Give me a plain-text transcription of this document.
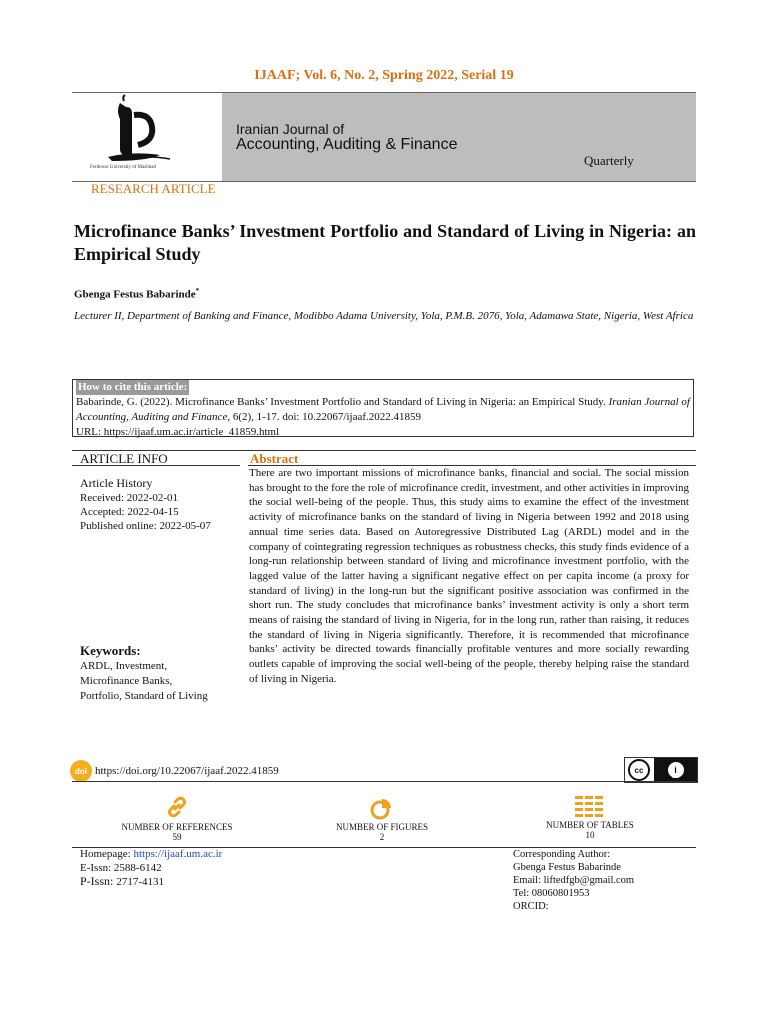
IJAAF; Vol. 6, No. 2, Spring 2022, Serial 19
Ferdowsi University of Mashhad
Iranian Journal of
Accounting, Auditing & Finance
Quarterly
RESEARCH ARTICLE
Microfinance Banks’ Investment Portfolio and Standard of Living in Nigeria: an Empirical Study
Gbenga Festus Babarinde*
Lecturer II, Department of Banking and Finance, Modibbo Adama University, Yola, P.M.B. 2076, Yola, Adamawa State, Nigeria, West Africa
How to cite this article:
Babarinde, G. (2022). Microfinance Banks’ Investment Portfolio and Standard of Living in Nigeria: an Empirical Study. Iranian Journal of Accounting, Auditing and Finance, 6(2), 1-17. doi: 10.22067/ijaaf.2022.41859
URL: https://ijaaf.um.ac.ir/article_41859.html
ARTICLE INFO	Abstract
Article History
Received: 2022-02-01
Accepted: 2022-04-15
Published online: 2022-05-07
Keywords:
ARDL, Investment,
Microfinance Banks,
Portfolio, Standard of Living
There are two important missions of microfinance banks, financial and social. The social mission has brought to the fore the role of microfinance credit, investment, and other activities in improving the social well-being of the people. Thus, this study aims to examine the effect of the investment activity of microfinance banks on the standard of living in Nigeria between 1992 and 2018 using annual time series data. Based on Autoregressive Distributed Lag (ARDL) model and in the company of cointegrating regression techniques as robustness checks, this study finds evidence of a long-run relationship between standard of living and microfinance investment portfolio, with the lagged value of the latter having a significant negative effect on per capita income (a proxy for standard of living) in the long-run but the significant positive association was confirmed in the short run. The study concludes that microfinance banks’ investment activity is only a short term means of raising the standard of living in Nigeria, for in the long run, rather than raising, it reduces the standard of living in Nigeria significantly. Therefore, it is recommended that microfinance banks’ activity be directed towards financially profitable ventures and more socially rewarding outlets capable of improving the social well-being of the people, thereby helping raise the standard of living in Nigeria.
doi https://doi.org/10.22067/ijaaf.2022.41859	cc	i
BY
NUMBER OF REFERENCES
59
NUMBER OF FIGURES
2
NUMBER OF TABLES
10
Homepage: https://ijaaf.um.ac.ir
E-Issn: 2588-6142
P-Issn: 2717-4131
Corresponding Author:
Gbenga Festus Babarinde
Email: liftedfgb@gmail.com
Tel: 08060801953
ORCID:
